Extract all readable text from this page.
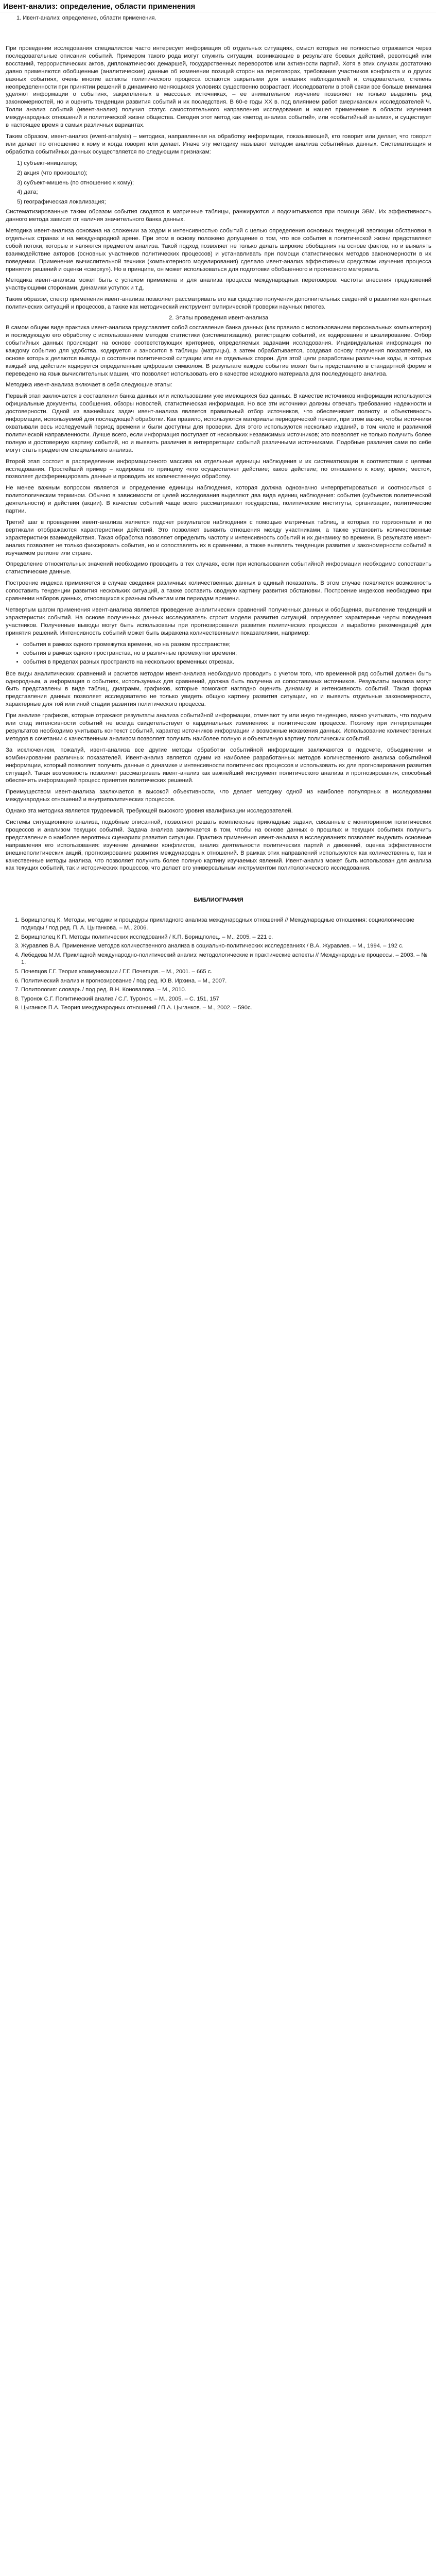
Ивент-анализ: определение, области применения
1. Ивент-анализ: определение, области применения.

При проведении исследования специалистов часто интересует информация об отдельных ситуациях, смысл которых не полностью отражается через последовательные описания событий. Примером такого рода могут служить ситуации, возникающие в результате боевых действий, революций или восстаний, террористических актов, дипломатических демаршей, государственных переворотов или активности партий. Хотя в этих случаях достаточно давно применяются обобщенные (аналитические) данные об изменении позиций сторон на переговорах, требования участников конфликта и о других важных событиях, очень многие аспекты политического процесса остаются закрытыми для внешних наблюдателей и, следовательно, степень неопределенности при принятии решений в динамично меняющихся условиях существенно возрастает. Исследователи в этой связи все больше внимания уделяют информации о событиях, закрепленных в массовых источниках, – ее внимательное изучение позволяет не только выделить ряд закономерностей, но и оценить тенденции развития событий и их последствия. В 60-е годы XX в. под влиянием работ американских исследователей Ч. Толли анализ событий (ивент-анализ) получил статус самостоятельного направления исследования и нашел применение в области изучения международных отношений и политической жизни общества. Сегодня этот метод как «метод анализа событий», или «событийный анализ», и существует в настоящее время в самых различных вариантах.

Таким образом, ивент-анализ (event-analysis) – методика, направленная на обработку информации, показывающей, кто говорит или делает, что говорит или делает по отношению к кому и когда говорит или делает. Иначе эту методику называют методом анализа событийных данных. Систематизация и обработка событийных данных осуществляется по следующим признакам:

1) субъект-инициатор;

2) акция (что произошло);

3) субъект-мишень (по отношению к кому);

4) дата;

5) географическая локализация;

Систематизированные таким образом события сводятся в матричные таблицы, ранжируются и подсчитываются при помощи ЭВМ. Их эффективность данного метода зависит от наличия значительного банка данных.

Методика ивент-анализа основана на сложении за ходом и интенсивностью событий с целью определения основных тенденций эволюции обстановки в отдельных странах и на международной арене. При этом в основу положено допущение о том, что все события в политической жизни представляют собой потоки, которые и являются предметом анализа. Такой подход позволяет не только делать широкие обобщения на основе фактов, но и выявлять взаимодействие акторов (основных участников политических процессов) и устанавливать при помощи статистических методов закономерности в их поведении. Применение вычислительной техники (компьютерного моделирования) сделало ивент-анализ эффективным средством изучения процесса принятия решений и оценки «сверху»). Но в принципе, он может использоваться для подготовки обобщенного и прогнозного материала.

Методика ивент-анализа может быть с успехом применена и для анализа процесса международных переговоров: частоты внесения предложений участвующими сторонами, динамики уступок и т.д.

Таким образом, спектр применения ивент-анализа позволяет рассматривать его как средство получения дополнительных сведений о развитии конкретных политических ситуаций и процессов, а также как методический инструмент эмпирической проверки научных гипотез.

2. Этапы проведения ивент-анализа

В самом общем виде практика ивент-анализа представляет собой составление банка данных (как правило с использованием персональных компьютеров) и последующую его обработку с использованием методов статистики (систематизацию), регистрацию событий, их кодирование и шкалирование. Отбор событийных данных происходит на основе соответствующих критериев, определяемых задачами исследования. Индивидуальная информация по каждому событию для удобства, кодируется и заносится в таблицы (матрицы), а затем обрабатывается, создавая основу получения показателей, на основе которых делаются выводы о состоянии политической ситуации или ее отдельных сторон. Для этой цели разработаны различные коды, в которых каждый вид действия кодируется определенным цифровым символом. В результате каждое событие может быть представлено в стандартной форме и переведено на язык вычислительных машин, что позволяет использовать его в качестве исходного материала для последующего анализа.

Методика ивент-анализа включает в себя следующие этапы:

Первый этап заключается в составлении банка данных или использовании уже имеющихся баз данных. В качестве источников информации используются официальные документы, сообщения, обзоры новостей, статистическая информация. Но все эти источники должны отвечать требованию надежности и достоверности. Одной из важнейших задач ивент-анализа является правильный отбор источников, что обеспечивает полноту и объективность информации, используемой для последующей обработки. Как правило, используются материалы периодической печати, при этом важно, чтобы источники охватывали весь исследуемый период времени и были доступны для проверки. Для этого используются несколько изданий, в том числе и различной политической направленности. Лучше всего, если информация поступает от нескольких независимых источников; это позволяет не только получить более полную и достоверную картину событий, но и выявить различия в интерпретации событий различными источниками. Подобные различия сами по себе могут стать предметом специального анализа.

Второй этап состоит в распределении информационного массива на отдельные единицы наблюдения и их систематизации в соответствии с целями исследования. Простейший пример – кодировка по принципу «кто осуществляет действие; какое действие; по отношению к кому; время; место», позволяет дифференцировать данные и проводить их количественную обработку.

Не менее важным вопросом является и определение единицы наблюдения, которая должна однозначно интерпретироваться и соотноситься с политологическим термином. Обычно в зависимости от целей исследования выделяют два вида единиц наблюдения: события (субъектов политической деятельности) и действия (акции). В качестве событий чаще всего рассматривают государства, политические институты, организации, политические партии.

Третий шаг в проведении ивент-анализа является подсчет результатов наблюдения с помощью матричных таблиц, в которых по горизонтали и по вертикали отображаются характеристики действий. Это позволяет выявить отношения между участниками, а также установить количественные характеристики взаимодействия. Такая обработка позволяет определить частоту и интенсивность событий и их динамику во времени. В результате ивент-анализ позволяет не только фиксировать события, но и сопоставлять их в сравнении, а также выявлять тенденции развития и закономерности событий в изучаемом регионе или стране.

Определение относительных значений необходимо проводить в тех случаях, если при использовании событийной информации необходимо сопоставить статистические данные.

Построение индекса применяется в случае сведения различных количественных данных в единый показатель. В этом случае появляется возможность сопоставить тенденции развития нескольких ситуаций, а также составить сводную картину развития обстановки. Построение индексов необходимо при сравнении наборов данных, относящихся к разным объектам или периодам времени.

Четвертым шагом применения ивент-анализа является проведение аналитических сравнений полученных данных и обобщения, выявление тенденций и характеристик событий. На основе полученных данных исследователь строит модели развития ситуаций, определяет характерные черты поведения участников. Полученные выводы могут быть использованы при прогнозировании развития политических процессов и выработке рекомендаций для принятия решений. Интенсивность событий может быть выражена количественными показателями, например:

• события в рамках одного промежутка времени, но на разном пространстве;
• события в рамках одного пространства, но в различные промежутки времени;
• события в пределах разных пространств на нескольких временных отрезках.

Все виды аналитических сравнений и расчетов методом ивент-анализа необходимо проводить с учетом того, что временной ряд событий должен быть однородным, а информация о событиях, используемых для сравнений, должна быть получена из сопоставимых источников. Результаты анализа могут быть представлены в виде таблиц, диаграмм, графиков, которые помогают наглядно оценить динамику и интенсивность событий. Такая форма представления данных позволяет исследователю не только увидеть общую картину развития ситуации, но и выявить отдельные закономерности, характерные для той или иной стадии развития политического процесса.

При анализе графиков, которые отражают результаты анализа событийной информации, отмечают ту или иную тенденцию, важно учитывать, что подъем или спад интенсивности событий не всегда свидетельствует о кардинальных изменениях в политическом процессе. Поэтому при интерпретации результатов необходимо учитывать контекст событий, характер источников информации и возможные искажения данных. Использование количественных методов в сочетании с качественным анализом позволяет получить наиболее полную и объективную картину политических событий.

За исключением, пожалуй, ивент-анализа все другие методы обработки событийной информации заключаются в подсчете, объединении и комбинировании различных показателей. Ивент-анализ является одним из наиболее разработанных методов количественного анализа событийной информации, который позволяет получить данные о динамике и интенсивности политических процессов и использовать их для прогнозирования развития ситуаций. Такая возможность позволяет рассматривать ивент-анализ как важнейший инструмент политического анализа и прогнозирования, способный обеспечить информацией процесс принятия политических решений.

Преимуществом ивент-анализа заключается в высокой объективности, что делает методику одной из наиболее популярных в исследовании международных отношений и внутриполитических процессов.

Однако эта методика является трудоемкой, требующей высокого уровня квалификации исследователей.

Системы ситуационного анализа, подобные описанной, позволяют решать комплексные прикладные задачи, связанные с мониторингом политических процессов и анализом текущих событий. Задача анализа заключается в том, чтобы на основе данных о прошлых и текущих событиях получить представление о наиболее вероятных сценариях развития ситуации. Практика применения ивент-анализа в исследованиях позволяет выделить основные направления его использования: изучение динамики конфликтов, анализ деятельности политических партий и движений, оценка эффективности внешнеполитических акций, прогнозирование развития международных отношений. В рамках этих направлений используются как количественные, так и качественные методы анализа, что позволяет получить более полную картину изучаемых явлений. Ивент-анализ может быть использован для анализа как текущих событий, так и исторических процессов, что делает его универсальным инструментом политологического исследования.

БИБЛИОГРАФИЯ
1. Борищполец К. Методы, методики и процедуры прикладного анализа международных отношений // Международные отношения: социологические подходы / под ред. П. А. Цыганкова. – М., 2006.
2. Борищполец К.П. Методы политических исследований / К.П. Борищполец. – М., 2005. – 221 с.
3. Журавлев В.А. Применение методов количественного анализа в социально-политических исследованиях / В.А. Журавлев. – М., 1994. – 192 с.
4. Лебедева М.М. Прикладной международно-политический анализ: методологические и практические аспекты // Международные процессы. – 2003. – № 1.
5. Почепцов Г.Г. Теория коммуникации / Г.Г. Почепцов. – М., 2001. – 665 с.
6. Политический анализ и прогнозирование / под ред. Ю.В. Ирхина. – М., 2007.
7. Политология: словарь / под ред. В.Н. Коновалова. – М., 2010.
8. Туронок С.Г. Политический анализ / С.Г. Туронок. – М., 2005. – С. 151, 157
9. Цыганков П.А. Теория международных отношений / П.А. Цыганков. – М., 2002. – 590с.
